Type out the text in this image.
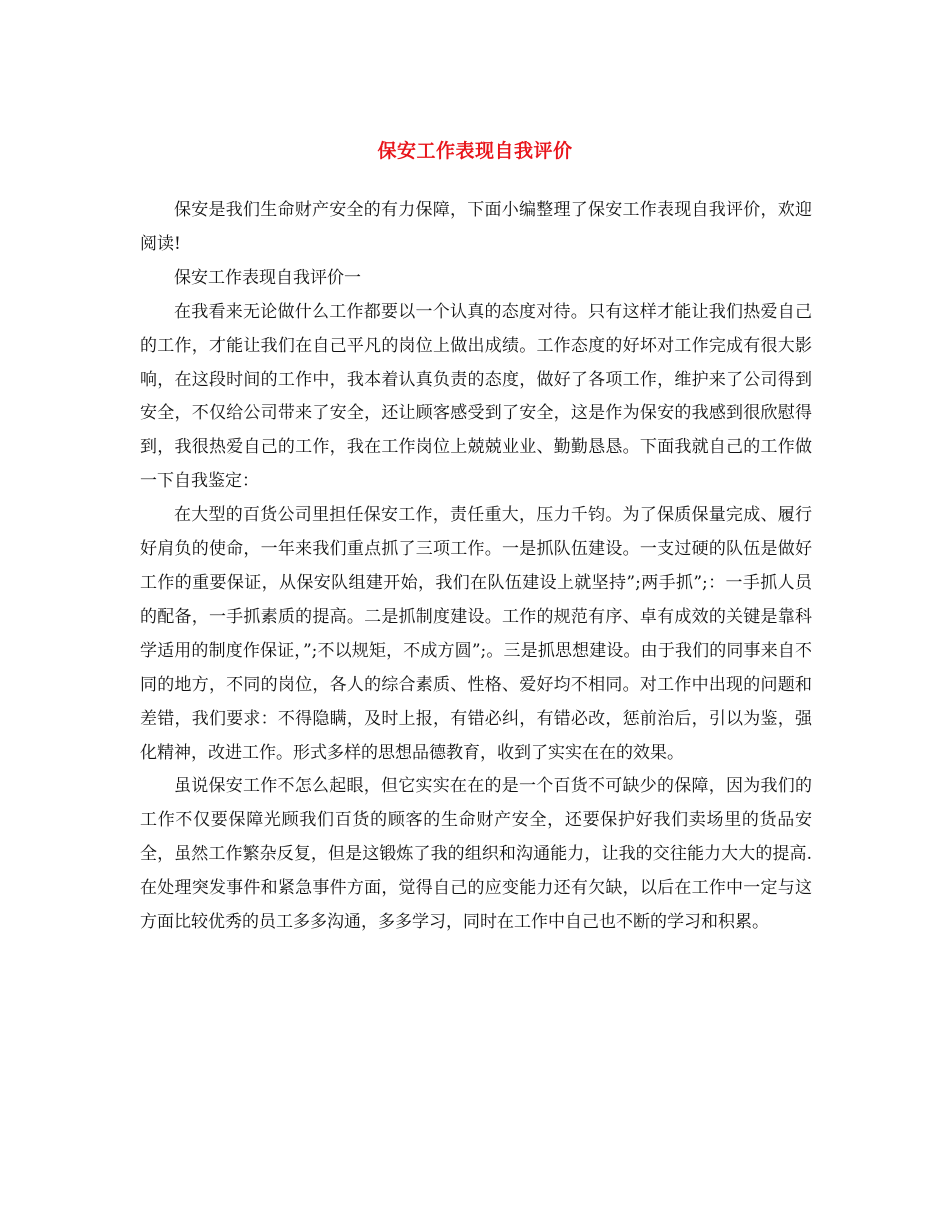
保安工作表现自我评价

保安是我们生命财产安全的有力保障，下面小编整理了保安工作表现自我评价，欢迎阅读!

保安工作表现自我评价一

在我看来无论做什么工作都要以一个认真的态度对待。只有这样才能让我们热爱自己的工作，才能让我们在自己平凡的岗位上做出成绩。工作态度的好坏对工作完成有很大影响，在这段时间的工作中，我本着认真负责的态度，做好了各项工作，维护来了公司得到安全，不仅给公司带来了安全，还让顾客感受到了安全，这是作为保安的我感到很欣慰得到，我很热爱自己的工作，我在工作岗位上兢兢业业、勤勤恳恳。下面我就自己的工作做一下自我鉴定：

在大型的百货公司里担任保安工作，责任重大，压力千钧。为了保质保量完成、履行好肩负的使命，一年来我们重点抓了三项工作。一是抓队伍建设。一支过硬的队伍是做好工作的重要保证，从保安队组建开始，我们在队伍建设上就坚持”;两手抓”;：一手抓人员的配备，一手抓素质的提高。二是抓制度建设。工作的规范有序、卓有成效的关键是靠科学适用的制度作保证，”;不以规矩，不成方圆”;。三是抓思想建设。由于我们的同事来自不同的地方，不同的岗位，各人的综合素质、性格、爱好均不相同。对工作中出现的问题和差错，我们要求：不得隐瞒，及时上报，有错必纠，有错必改，惩前治后，引以为鉴，强化精神，改进工作。形式多样的思想品德教育，收到了实实在在的效果。

虽说保安工作不怎么起眼，但它实实在在的是一个百货不可缺少的保障，因为我们的工作不仅要保障光顾我们百货的顾客的生命财产安全，还要保护好我们卖场里的货品安全，虽然工作繁杂反复，但是这锻炼了我的组织和沟通能力，让我的交往能力大大的提高.在处理突发事件和紧急事件方面，觉得自己的应变能力还有欠缺，以后在工作中一定与这方面比较优秀的员工多多沟通，多多学习，同时在工作中自己也不断的学习和积累。
